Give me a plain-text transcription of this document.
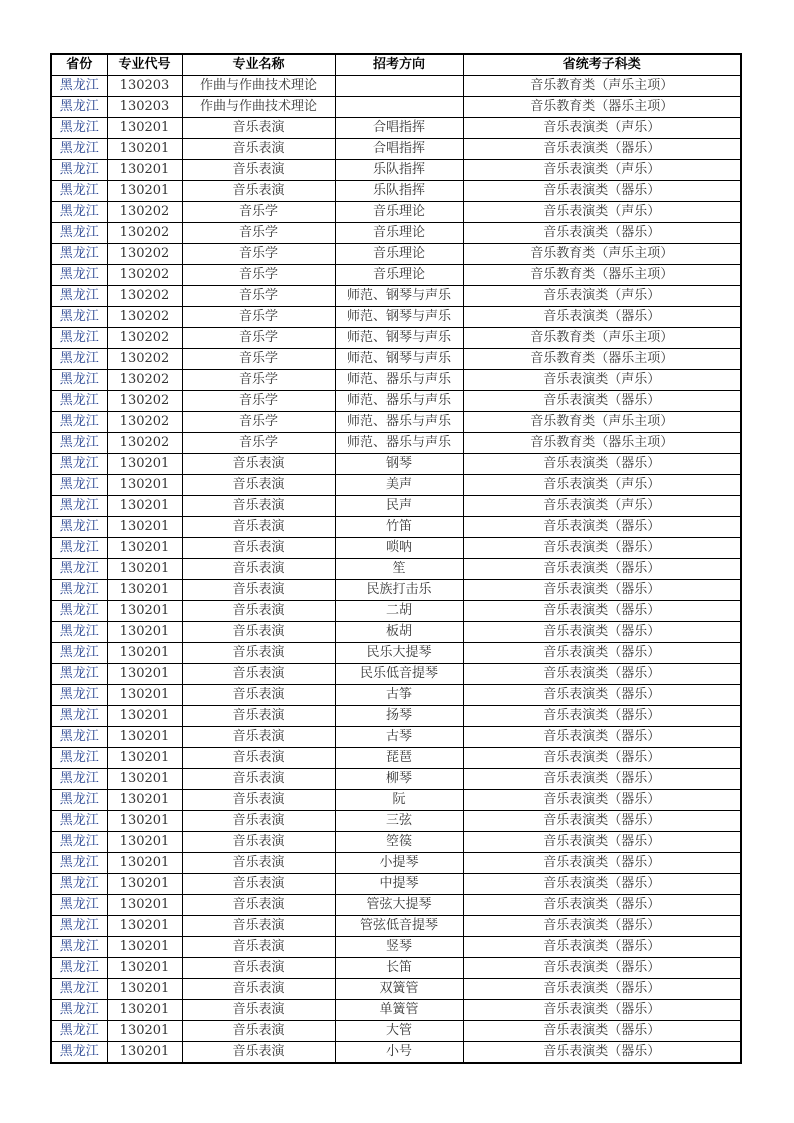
省份	专业代号	专业名称	招考方向	省统考子科类
黑龙江	130203	作曲与作曲技术理论		音乐教育类（声乐主项）
黑龙江	130203	作曲与作曲技术理论		音乐教育类（器乐主项）
黑龙江	130201	音乐表演	合唱指挥	音乐表演类（声乐）
黑龙江	130201	音乐表演	合唱指挥	音乐表演类（器乐）
黑龙江	130201	音乐表演	乐队指挥	音乐表演类（声乐）
黑龙江	130201	音乐表演	乐队指挥	音乐表演类（器乐）
黑龙江	130202	音乐学	音乐理论	音乐表演类（声乐）
黑龙江	130202	音乐学	音乐理论	音乐表演类（器乐）
黑龙江	130202	音乐学	音乐理论	音乐教育类（声乐主项）
黑龙江	130202	音乐学	音乐理论	音乐教育类（器乐主项）
黑龙江	130202	音乐学	师范、钢琴与声乐	音乐表演类（声乐）
黑龙江	130202	音乐学	师范、钢琴与声乐	音乐表演类（器乐）
黑龙江	130202	音乐学	师范、钢琴与声乐	音乐教育类（声乐主项）
黑龙江	130202	音乐学	师范、钢琴与声乐	音乐教育类（器乐主项）
黑龙江	130202	音乐学	师范、器乐与声乐	音乐表演类（声乐）
黑龙江	130202	音乐学	师范、器乐与声乐	音乐表演类（器乐）
黑龙江	130202	音乐学	师范、器乐与声乐	音乐教育类（声乐主项）
黑龙江	130202	音乐学	师范、器乐与声乐	音乐教育类（器乐主项）
黑龙江	130201	音乐表演	钢琴	音乐表演类（器乐）
黑龙江	130201	音乐表演	美声	音乐表演类（声乐）
黑龙江	130201	音乐表演	民声	音乐表演类（声乐）
黑龙江	130201	音乐表演	竹笛	音乐表演类（器乐）
黑龙江	130201	音乐表演	唢呐	音乐表演类（器乐）
黑龙江	130201	音乐表演	笙	音乐表演类（器乐）
黑龙江	130201	音乐表演	民族打击乐	音乐表演类（器乐）
黑龙江	130201	音乐表演	二胡	音乐表演类（器乐）
黑龙江	130201	音乐表演	板胡	音乐表演类（器乐）
黑龙江	130201	音乐表演	民乐大提琴	音乐表演类（器乐）
黑龙江	130201	音乐表演	民乐低音提琴	音乐表演类（器乐）
黑龙江	130201	音乐表演	古筝	音乐表演类（器乐）
黑龙江	130201	音乐表演	扬琴	音乐表演类（器乐）
黑龙江	130201	音乐表演	古琴	音乐表演类（器乐）
黑龙江	130201	音乐表演	琵琶	音乐表演类（器乐）
黑龙江	130201	音乐表演	柳琴	音乐表演类（器乐）
黑龙江	130201	音乐表演	阮	音乐表演类（器乐）
黑龙江	130201	音乐表演	三弦	音乐表演类（器乐）
黑龙江	130201	音乐表演	箜篌	音乐表演类（器乐）
黑龙江	130201	音乐表演	小提琴	音乐表演类（器乐）
黑龙江	130201	音乐表演	中提琴	音乐表演类（器乐）
黑龙江	130201	音乐表演	管弦大提琴	音乐表演类（器乐）
黑龙江	130201	音乐表演	管弦低音提琴	音乐表演类（器乐）
黑龙江	130201	音乐表演	竖琴	音乐表演类（器乐）
黑龙江	130201	音乐表演	长笛	音乐表演类（器乐）
黑龙江	130201	音乐表演	双簧管	音乐表演类（器乐）
黑龙江	130201	音乐表演	单簧管	音乐表演类（器乐）
黑龙江	130201	音乐表演	大管	音乐表演类（器乐）
黑龙江	130201	音乐表演	小号	音乐表演类（器乐）
